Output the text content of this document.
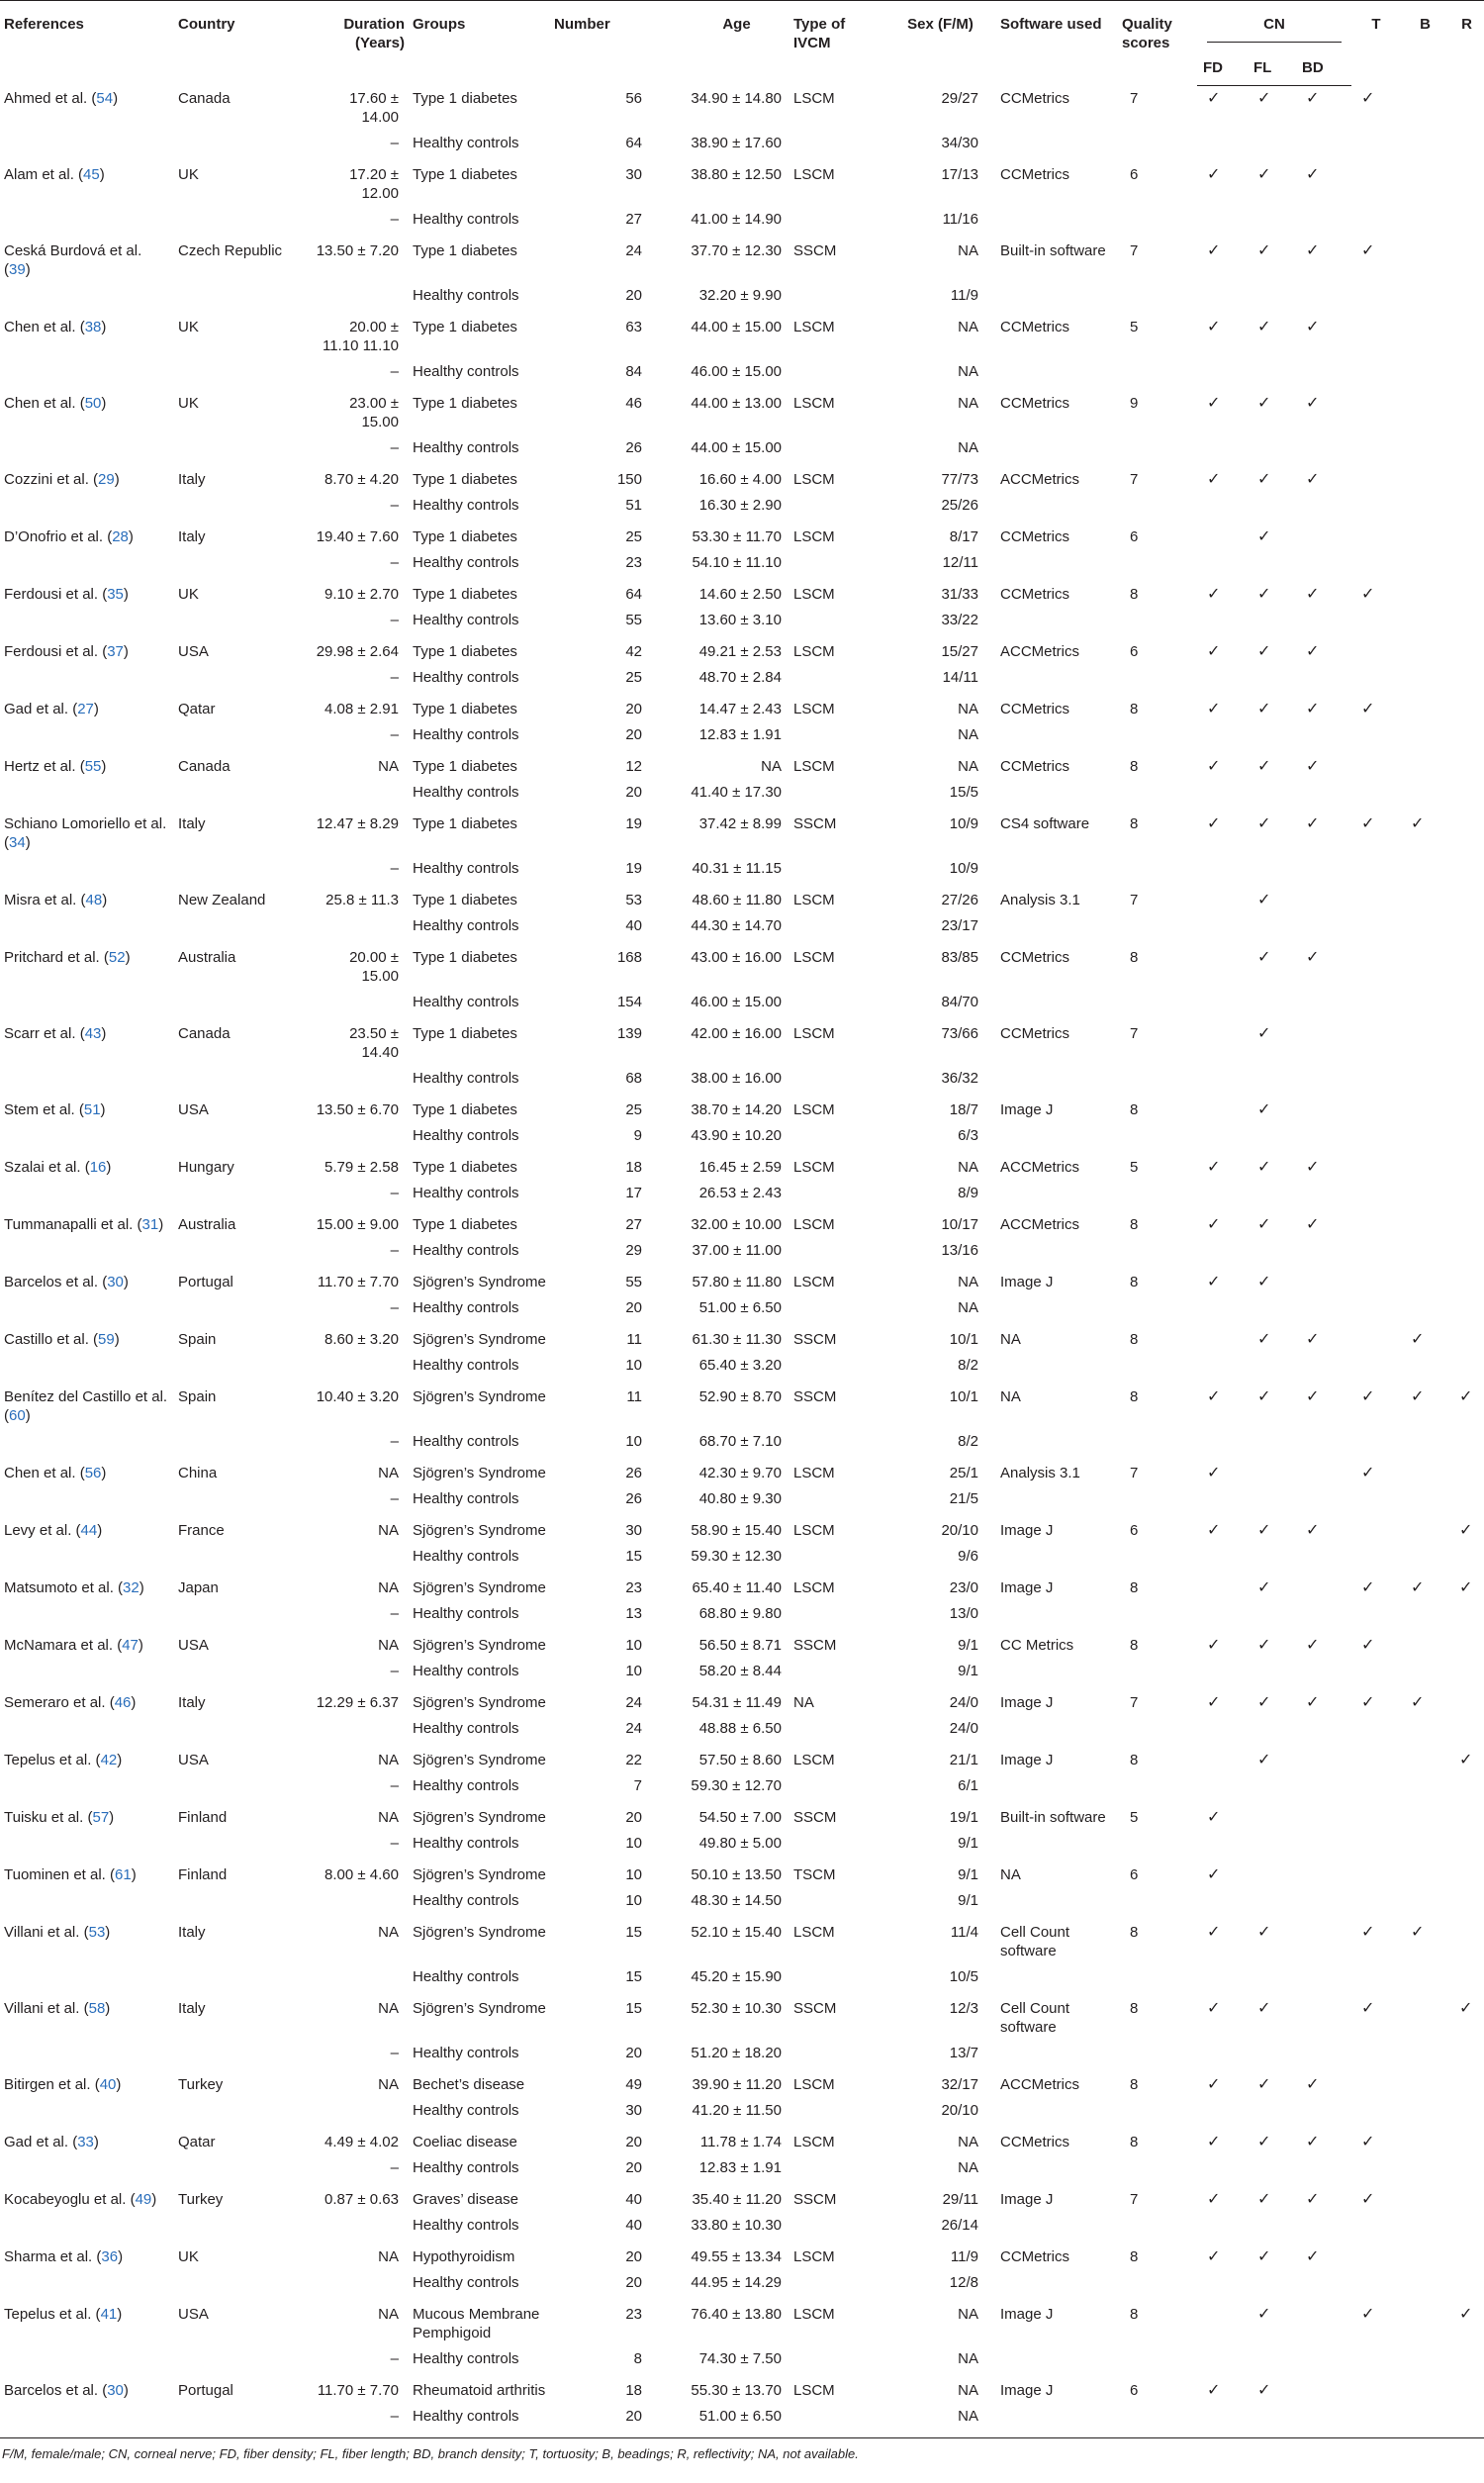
References	Country	Duration (Years)	Groups	Number	Age	Type of IVCM	Sex (F/M)	Software used	Quality scores	CN			T	B	R
										FD	FL	BD			
Ahmed et al. (54)	Canada	17.60 ± 14.00	Type 1 diabetes	56	34.90 ± 14.80	LSCM	29/27	CCMetrics	7	✓	✓	✓	✓		
		–	Healthy controls	64	38.90 ± 17.60		34/30								
Alam et al. (45)	UK	17.20 ± 12.00	Type 1 diabetes	30	38.80 ± 12.50	LSCM	17/13	CCMetrics	6	✓	✓	✓			
		–	Healthy controls	27	41.00 ± 14.90		11/16								
Ceská Burdová et al. (39)	Czech Republic	13.50 ± 7.20	Type 1 diabetes	24	37.70 ± 12.30	SSCM	NA	Built-in software	7	✓	✓	✓	✓		
			Healthy controls	20	32.20 ± 9.90		11/9								
Chen et al. (38)	UK	20.00 ± 11.10 11.10	Type 1 diabetes	63	44.00 ± 15.00	LSCM	NA	CCMetrics	5	✓	✓	✓			
		–	Healthy controls	84	46.00 ± 15.00		NA								
Chen et al. (50)	UK	23.00 ± 15.00	Type 1 diabetes	46	44.00 ± 13.00	LSCM	NA	CCMetrics	9	✓	✓	✓			
		–	Healthy controls	26	44.00 ± 15.00		NA								
Cozzini et al. (29)	Italy	8.70 ± 4.20	Type 1 diabetes	150	16.60 ± 4.00	LSCM	77/73	ACCMetrics	7	✓	✓	✓			
		–	Healthy controls	51	16.30 ± 2.90		25/26								
D’Onofrio et al. (28)	Italy	19.40 ± 7.60	Type 1 diabetes	25	53.30 ± 11.70	LSCM	8/17	CCMetrics	6		✓				
		–	Healthy controls	23	54.10 ± 11.10		12/11								
Ferdousi et al. (35)	UK	9.10 ± 2.70	Type 1 diabetes	64	14.60 ± 2.50	LSCM	31/33	CCMetrics	8	✓	✓	✓	✓		
		–	Healthy controls	55	13.60 ± 3.10		33/22								
Ferdousi et al. (37)	USA	29.98 ± 2.64	Type 1 diabetes	42	49.21 ± 2.53	LSCM	15/27	ACCMetrics	6	✓	✓	✓			
		–	Healthy controls	25	48.70 ± 2.84		14/11								
Gad et al. (27)	Qatar	4.08 ± 2.91	Type 1 diabetes	20	14.47 ± 2.43	LSCM	NA	CCMetrics	8	✓	✓	✓	✓		
		–	Healthy controls	20	12.83 ± 1.91		NA								
Hertz et al. (55)	Canada	NA	Type 1 diabetes	12	NA	LSCM	NA	CCMetrics	8	✓	✓	✓			
			Healthy controls	20	41.40 ± 17.30		15/5								
Schiano Lomoriello et al. (34)	Italy	12.47 ± 8.29	Type 1 diabetes	19	37.42 ± 8.99	SSCM	10/9	CS4 software	8	✓	✓	✓	✓	✓	
		–	Healthy controls	19	40.31 ± 11.15		10/9								
Misra et al. (48)	New Zealand	25.8 ± 11.3	Type 1 diabetes	53	48.60 ± 11.80	LSCM	27/26	Analysis 3.1	7		✓				
			Healthy controls	40	44.30 ± 14.70		23/17								
Pritchard et al. (52)	Australia	20.00 ± 15.00	Type 1 diabetes	168	43.00 ± 16.00	LSCM	83/85	CCMetrics	8		✓	✓			
			Healthy controls	154	46.00 ± 15.00		84/70								
Scarr et al. (43)	Canada	23.50 ± 14.40	Type 1 diabetes	139	42.00 ± 16.00	LSCM	73/66	CCMetrics	7		✓				
			Healthy controls	68	38.00 ± 16.00		36/32								
Stem et al. (51)	USA	13.50 ± 6.70	Type 1 diabetes	25	38.70 ± 14.20	LSCM	18/7	Image J	8		✓				
			Healthy controls	9	43.90 ± 10.20		6/3								
Szalai et al. (16)	Hungary	5.79 ± 2.58	Type 1 diabetes	18	16.45 ± 2.59	LSCM	NA	ACCMetrics	5	✓	✓	✓			
		–	Healthy controls	17	26.53 ± 2.43		8/9								
Tummanapalli et al. (31)	Australia	15.00 ± 9.00	Type 1 diabetes	27	32.00 ± 10.00	LSCM	10/17	ACCMetrics	8	✓	✓	✓			
		–	Healthy controls	29	37.00 ± 11.00		13/16								
Barcelos et al. (30)	Portugal	11.70 ± 7.70	Sjögren’s Syndrome	55	57.80 ± 11.80	LSCM	NA	Image J	8	✓	✓				
		–	Healthy controls	20	51.00 ± 6.50		NA								
Castillo et al. (59)	Spain	8.60 ± 3.20	Sjögren’s Syndrome	11	61.30 ± 11.30	SSCM	10/1	NA	8		✓	✓		✓	
			Healthy controls	10	65.40 ± 3.20		8/2								
Benítez del Castillo et al. (60)	Spain	10.40 ± 3.20	Sjögren’s Syndrome	11	52.90 ± 8.70	SSCM	10/1	NA	8	✓	✓	✓	✓	✓	✓
		–	Healthy controls	10	68.70 ± 7.10		8/2								
Chen et al. (56)	China	NA	Sjögren’s Syndrome	26	42.30 ± 9.70	LSCM	25/1	Analysis 3.1	7	✓			✓		
		–	Healthy controls	26	40.80 ± 9.30		21/5								
Levy et al. (44)	France	NA	Sjögren’s Syndrome	30	58.90 ± 15.40	LSCM	20/10	Image J	6	✓	✓	✓			✓
			Healthy controls	15	59.30 ± 12.30		9/6								
Matsumoto et al. (32)	Japan	NA	Sjögren’s Syndrome	23	65.40 ± 11.40	LSCM	23/0	Image J	8		✓		✓	✓	✓
		–	Healthy controls	13	68.80 ± 9.80		13/0								
McNamara et al. (47)	USA	NA	Sjögren’s Syndrome	10	56.50 ± 8.71	SSCM	9/1	CC Metrics	8	✓	✓	✓	✓		
		–	Healthy controls	10	58.20 ± 8.44		9/1								
Semeraro et al. (46)	Italy	12.29 ± 6.37	Sjögren’s Syndrome	24	54.31 ± 11.49	NA	24/0	Image J	7	✓	✓	✓	✓	✓	
			Healthy controls	24	48.88 ± 6.50		24/0								
Tepelus et al. (42)	USA	NA	Sjögren’s Syndrome	22	57.50 ± 8.60	LSCM	21/1	Image J	8		✓				✓
		–	Healthy controls	7	59.30 ± 12.70		6/1								
Tuisku et al. (57)	Finland	NA	Sjögren’s Syndrome	20	54.50 ± 7.00	SSCM	19/1	Built-in software	5	✓					
		–	Healthy controls	10	49.80 ± 5.00		9/1								
Tuominen et al. (61)	Finland	8.00 ± 4.60	Sjögren’s Syndrome	10	50.10 ± 13.50	TSCM	9/1	NA	6	✓					
			Healthy controls	10	48.30 ± 14.50		9/1								
Villani et al. (53)	Italy	NA	Sjögren’s Syndrome	15	52.10 ± 15.40	LSCM	11/4	Cell Count software	8	✓	✓		✓	✓	
			Healthy controls	15	45.20 ± 15.90		10/5								
Villani et al. (58)	Italy	NA	Sjögren’s Syndrome	15	52.30 ± 10.30	SSCM	12/3	Cell Count software	8	✓	✓		✓		✓
		–	Healthy controls	20	51.20 ± 18.20		13/7								
Bitirgen et al. (40)	Turkey	NA	Bechet’s disease	49	39.90 ± 11.20	LSCM	32/17	ACCMetrics	8	✓	✓	✓			
			Healthy controls	30	41.20 ± 11.50		20/10								
Gad et al. (33)	Qatar	4.49 ± 4.02	Coeliac disease	20	11.78 ± 1.74	LSCM	NA	CCMetrics	8	✓	✓	✓	✓		
		–	Healthy controls	20	12.83 ± 1.91		NA								
Kocabeyoglu et al. (49)	Turkey	0.87 ± 0.63	Graves’ disease	40	35.40 ± 11.20	SSCM	29/11	Image J	7	✓	✓	✓	✓		
			Healthy controls	40	33.80 ± 10.30		26/14								
Sharma et al. (36)	UK	NA	Hypothyroidism	20	49.55 ± 13.34	LSCM	11/9	CCMetrics	8	✓	✓	✓			
			Healthy controls	20	44.95 ± 14.29		12/8								
Tepelus et al. (41)	USA	NA	Mucous Membrane Pemphigoid	23	76.40 ± 13.80	LSCM	NA	Image J	8		✓		✓		✓
		–	Healthy controls	8	74.30 ± 7.50		NA								
Barcelos et al. (30)	Portugal	11.70 ± 7.70	Rheumatoid arthritis	18	55.30 ± 13.70	LSCM	NA	Image J	6	✓	✓				
		–	Healthy controls	20	51.00 ± 6.50		NA								
F/M, female/male; CN, corneal nerve; FD, fiber density; FL, fiber length; BD, branch density; T, tortuosity; B, beadings; R, reflectivity; NA, not available.
